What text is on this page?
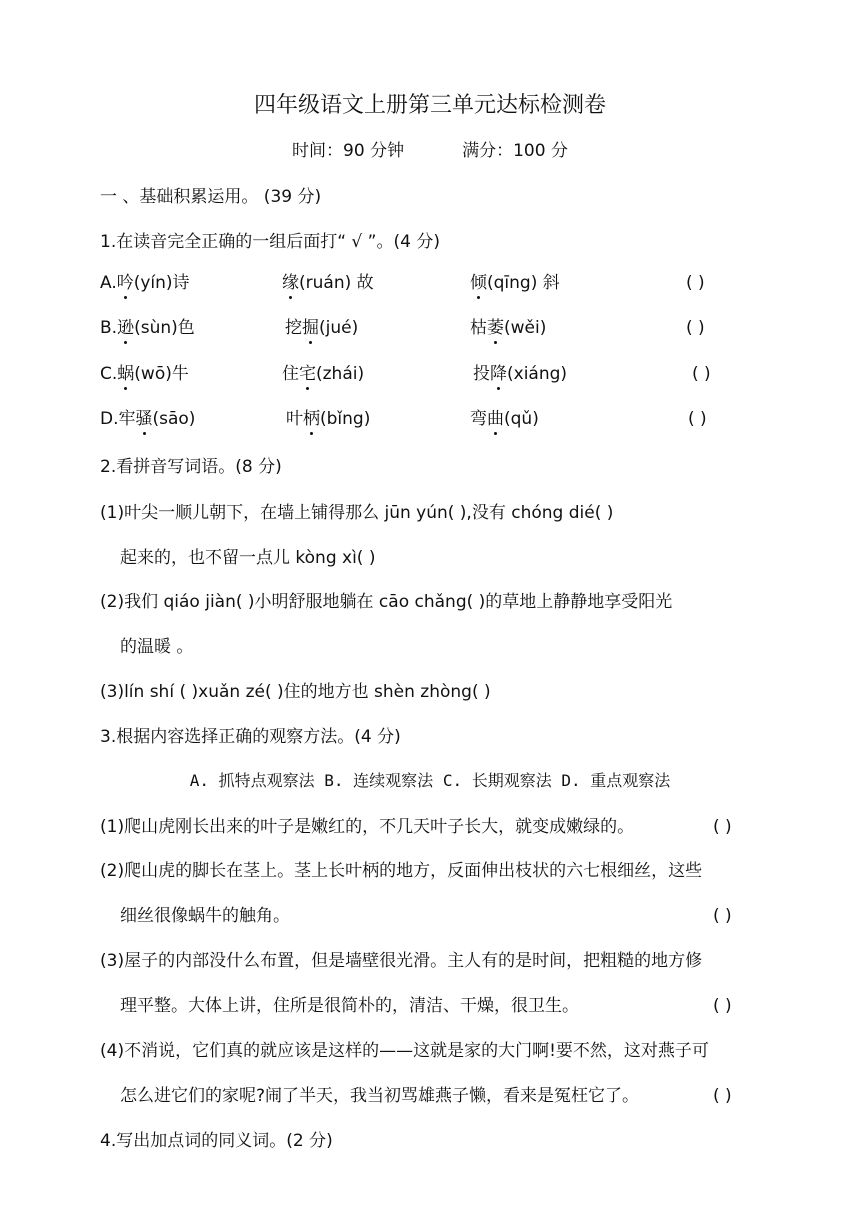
四年级语文上册第三单元达标检测卷
时间：90 分钟	满分：100 分
一 、基础积累运用。 (39 分)
1.在读音完全正确的一组后面打“ √ ”。(4 分)
A.吟(yín)诗	缘(ruán) 故	倾(qīng) 斜	( )
B.逊(sùn)色	挖掘(jué)	枯萎(wěi)	( )
C.蜗(wō)牛	住宅(zhái)	投降(xiáng)	( )
D.牢骚(sāo)	叶柄(bǐng)	弯曲(qǔ)	( )
2.看拼音写词语。(8 分)
(1)叶尖一顺儿朝下，在墙上铺得那么 jūn yún( ),没有 chóng dié( )
起来的，也不留一点儿 kòng xì( )
(2)我们 qiáo jiàn( )小明舒服地躺在 cāo chǎng( )的草地上静静地享受阳光
的温暖 。
(3)lín shí ( )xuǎn zé( )住的地方也 shèn zhòng( )
3.根据内容选择正确的观察方法。(4 分)
A. 抓特点观察法 B. 连续观察法 C. 长期观察法 D. 重点观察法
(1)爬山虎刚长出来的叶子是嫩红的，不几天叶子长大，就变成嫩绿的。	( )
(2)爬山虎的脚长在茎上。茎上长叶柄的地方，反面伸出枝状的六七根细丝，这些
细丝很像蜗牛的触角。	( )
(3)屋子的内部没什么布置，但是墙壁很光滑。主人有的是时间，把粗糙的地方修
理平整。大体上讲，住所是很简朴的，清洁、干燥，很卫生。	( )
(4)不消说，它们真的就应该是这样的——这就是家的大门啊!要不然，这对燕子可
怎么进它们的家呢?闹了半天，我当初骂雄燕子懒，看来是冤枉它了。	( )
4.写出加点词的同义词。(2 分)
